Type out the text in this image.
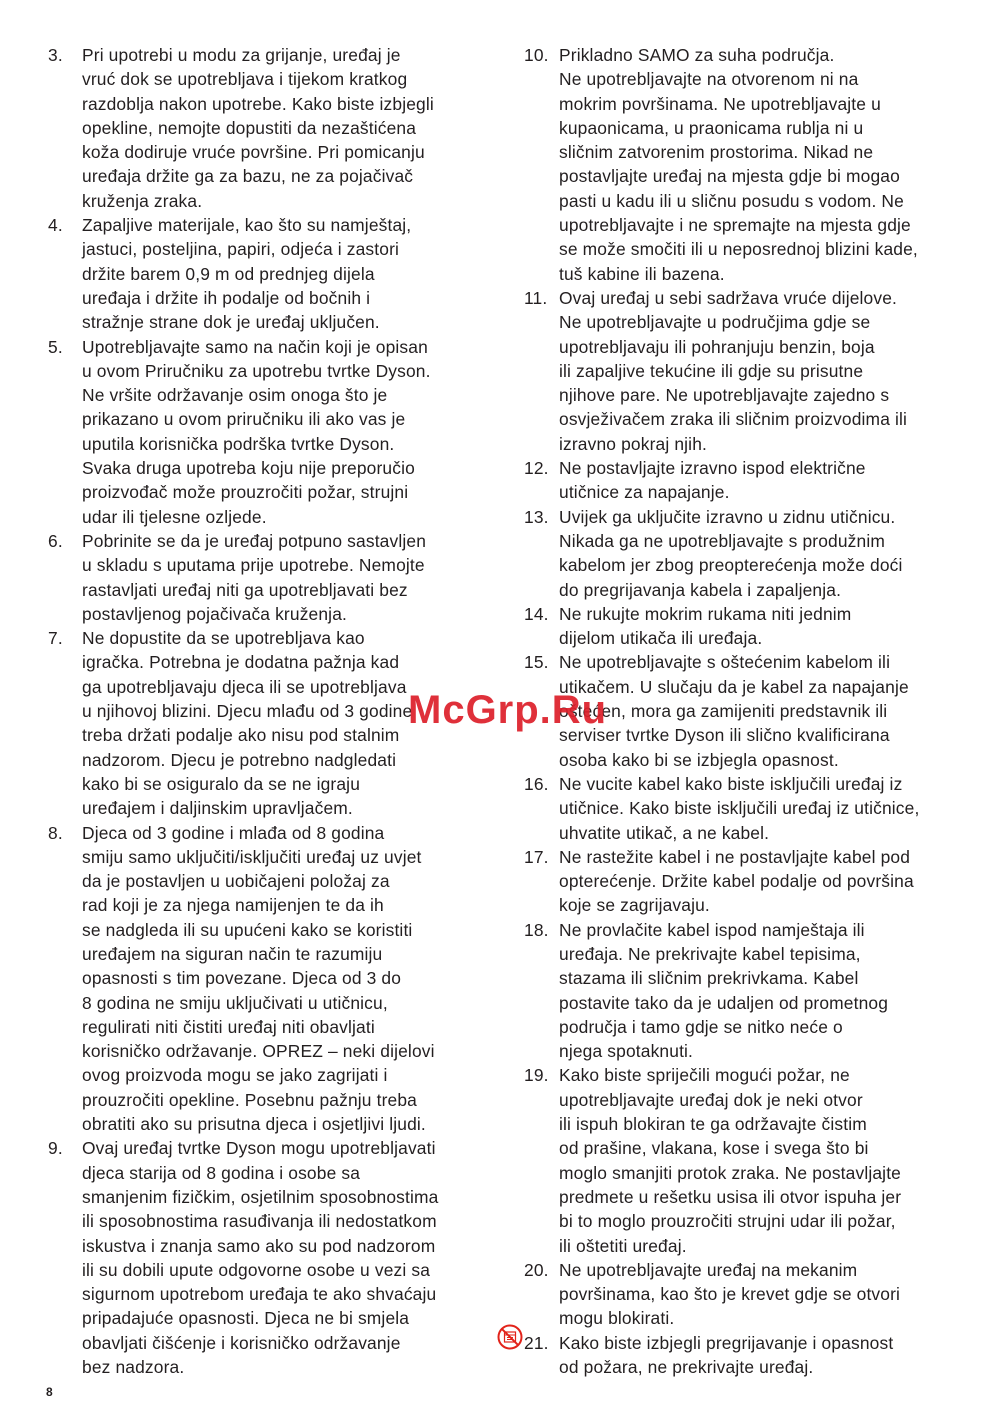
3.	Pri upotrebi u modu za grijanje, uređaj je
vruć dok se upotrebljava i tijekom kratkog
razdoblja nakon upotrebe. Kako biste izbjegli
opekline, nemojte dopustiti da nezaštićena
koža dodiruje vruće površine. Pri pomicanju
uređaja držite ga za bazu, ne za pojačivač
kruženja zraka.
4.	Zapaljive materijale, kao što su namještaj,
jastuci, posteljina, papiri, odjeća i zastori
držite barem 0,9 m od prednjeg dijela
uređaja i držite ih podalje od bočnih i
stražnje strane dok je uređaj uključen.
5.	Upotrebljavajte samo na način koji je opisan
u ovom Priručniku za upotrebu tvrtke Dyson.
Ne vršite održavanje osim onoga što je
prikazano u ovom priručniku ili ako vas je
uputila korisnička podrška tvrtke Dyson.
Svaka druga upotreba koju nije preporučio
proizvođač može prouzročiti požar, strujni
udar ili tjelesne ozljede.
6.	Pobrinite se da je uređaj potpuno sastavljen
u skladu s uputama prije upotrebe. Nemojte
rastavljati uređaj niti ga upotrebljavati bez
postavljenog pojačivača kruženja.
7.	Ne dopustite da se upotrebljava kao
igračka. Potrebna je dodatna pažnja kad
ga upotrebljavaju djeca ili se upotrebljava
u njihovoj blizini. Djecu mlađu od 3 godine
treba držati podalje ako nisu pod stalnim
nadzorom. Djecu je potrebno nadgledati
kako bi se osiguralo da se ne igraju
uređajem i daljinskim upravljačem.
8.	Djeca od 3 godine i mlađa od 8 godina
smiju samo uključiti/isključiti uređaj uz uvjet
da je postavljen u uobičajeni položaj za
rad koji je za njega namijenjen te da ih
se nadgleda ili su upućeni kako se koristiti
uređajem na siguran način te razumiju
opasnosti s tim povezane. Djeca od 3 do
8 godina ne smiju uključivati u utičnicu,
regulirati niti čistiti uređaj niti obavljati
korisničko održavanje. OPREZ – neki dijelovi
ovog proizvoda mogu se jako zagrijati i
prouzročiti opekline. Posebnu pažnju treba
obratiti ako su prisutna djeca i osjetljivi ljudi.
9.	Ovaj uređaj tvrtke Dyson mogu upotrebljavati
djeca starija od 8 godina i osobe sa
smanjenim fizičkim, osjetilnim sposobnostima
ili sposobnostima rasuđivanja ili nedostatkom
iskustva i znanja samo ako su pod nadzorom
ili su dobili upute odgovorne osobe u vezi sa
sigurnom upotrebom uređaja te ako shvaćaju
pripadajuće opasnosti. Djeca ne bi smjela
obavljati čišćenje i korisničko održavanje
bez nadzora.
10. Prikladno SAMO za suha područja.
Ne upotrebljavajte na otvorenom ni na
mokrim površinama. Ne upotrebljavajte u
kupaonicama, u praonicama rublja ni u
sličnim zatvorenim prostorima. Nikad ne
postavljajte uređaj na mjesta gdje bi mogao
pasti u kadu ili u sličnu posudu s vodom. Ne
upotrebljavajte i ne spremajte na mjesta gdje
se može smočiti ili u neposrednoj blizini kade,
tuš kabine ili bazena.
11. Ovaj uređaj u sebi sadržava vruće dijelove.
Ne upotrebljavajte u područjima gdje se
upotrebljavaju ili pohranjuju benzin, boja
ili zapaljive tekućine ili gdje su prisutne
njihove pare. Ne upotrebljavajte zajedno s
osvježivačem zraka ili sličnim proizvodima ili
izravno pokraj njih.
12. Ne postavljajte izravno ispod električne
utičnice za napajanje.
13. Uvijek ga uključite izravno u zidnu utičnicu.
Nikada ga ne upotrebljavajte s produžnim
kabelom jer zbog preopterećenja može doći
do pregrijavanja kabela i zapaljenja.
14. Ne rukujte mokrim rukama niti jednim
dijelom utikača ili uređaja.
15. Ne upotrebljavajte s oštećenim kabelom ili
utikačem. U slučaju da je kabel za napajanje
oštećen, mora ga zamijeniti predstavnik ili
serviser tvrtke Dyson ili slično kvalificirana
osoba kako bi se izbjegla opasnost.
16. Ne vucite kabel kako biste isključili uređaj iz
utičnice. Kako biste isključili uređaj iz utičnice,
uhvatite utikač, a ne kabel.
17. Ne rastežite kabel i ne postavljajte kabel pod
opterećenje. Držite kabel podalje od površina
koje se zagrijavaju.
18. Ne provlačite kabel ispod namještaja ili
uređaja. Ne prekrivajte kabel tepisima,
stazama ili sličnim prekrivkama. Kabel
postavite tako da je udaljen od prometnog
područja i tamo gdje se nitko neće o
njega spotaknuti.
19. Kako biste spriječili mogući požar, ne
upotrebljavajte uređaj dok je neki otvor
ili ispuh blokiran te ga održavajte čistim
od prašine, vlakana, kose i svega što bi
moglo smanjiti protok zraka. Ne postavljajte
predmete u rešetku usisa ili otvor ispuha jer
bi to moglo prouzročiti strujni udar ili požar,
ili oštetiti uređaj.
20. Ne upotrebljavajte uređaj na mekanim
površinama, kao što je krevet gdje se otvori
mogu blokirati.
21. Kako biste izbjegli pregrijavanje i opasnost
od požara, ne prekrivajte uređaj.
McGrp.Ru
8
